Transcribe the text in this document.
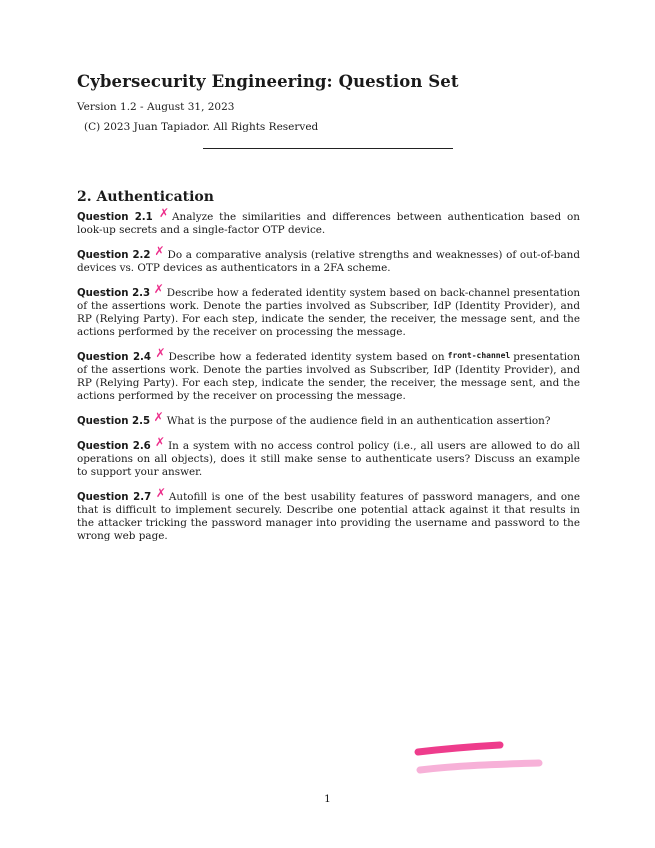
Cybersecurity Engineering: Question Set
Version 1.2 - August 31, 2023
(C) 2023 Juan Tapiador. All Rights Reserved
2. Authentication

Question 2.1 ✗ Analyze the similarities and differences between authentication based on look-up secrets and a single-factor OTP device.

Question 2.2 ✗ Do a comparative analysis (relative strengths and weaknesses) of out-of-band devices vs. OTP devices as authenticators in a 2FA scheme.

Question 2.3 ✗ Describe how a federated identity system based on back-channel presentation of the assertions work. Denote the parties involved as Subscriber, IdP (Identity Provider), and RP (Relying Party). For each step, indicate the sender, the receiver, the message sent, and the actions performed by the receiver on processing the message.

Question 2.4 ✗ Describe how a federated identity system based on front-channel presentation of the assertions work. Denote the parties involved as Subscriber, IdP (Identity Provider), and RP (Relying Party). For each step, indicate the sender, the receiver, the message sent, and the actions performed by the receiver on processing the message.

Question 2.5 ✗ What is the purpose of the audience field in an authentication assertion?

Question 2.6 ✗ In a system with no access control policy (i.e., all users are allowed to do all operations on all objects), does it still make sense to authenticate users? Discuss an example to support your answer.

Question 2.7 ✗ Autofill is one of the best usability features of password managers, and one that is difficult to implement securely. Describe one potential attack against it that results in the attacker tricking the password manager into providing the username and password to the wrong web page.

1
